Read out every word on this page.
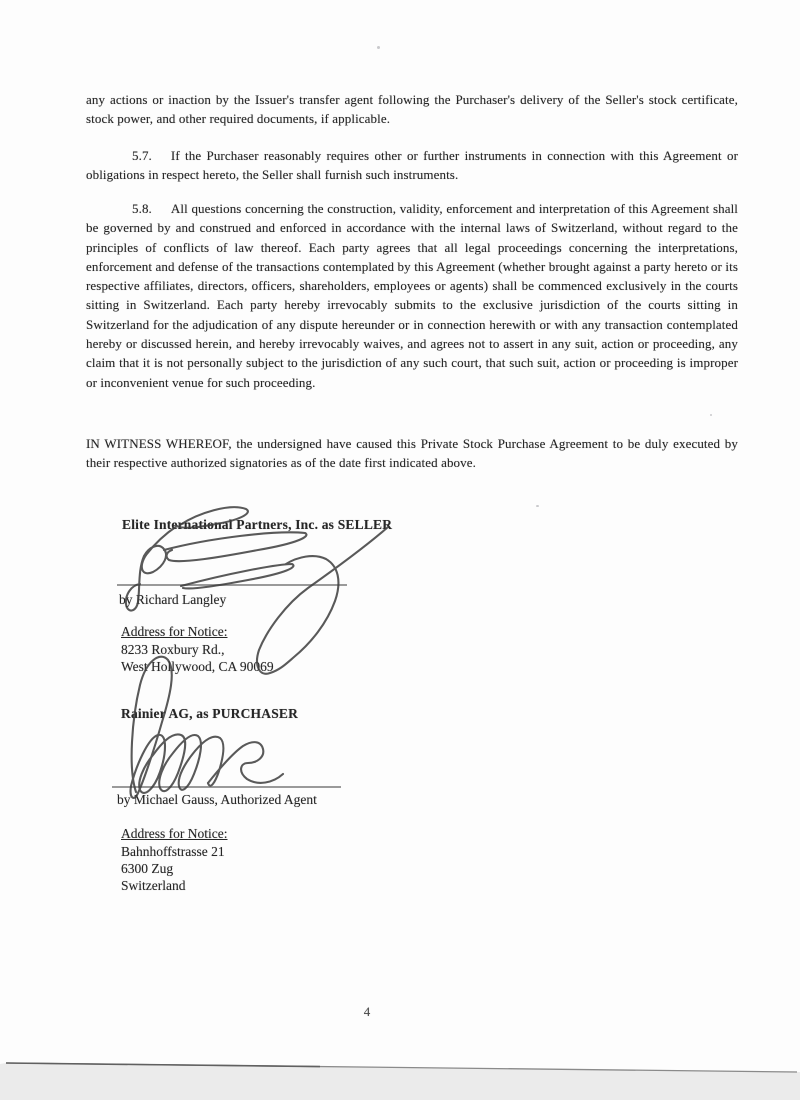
any actions or inaction by the Issuer's transfer agent following the Purchaser's delivery of the Seller's stock certificate, stock power, and other required documents, if applicable.

5.7. If the Purchaser reasonably requires other or further instruments in connection with this Agreement or obligations in respect hereto, the Seller shall furnish such instruments.

5.8. All questions concerning the construction, validity, enforcement and interpretation of this Agreement shall be governed by and construed and enforced in accordance with the internal laws of Switzerland, without regard to the principles of conflicts of law thereof. Each party agrees that all legal proceedings concerning the interpretations, enforcement and defense of the transactions contemplated by this Agreement (whether brought against a party hereto or its respective affiliates, directors, officers, shareholders, employees or agents) shall be commenced exclusively in the courts sitting in Switzerland. Each party hereby irrevocably submits to the exclusive jurisdiction of the courts sitting in Switzerland for the adjudication of any dispute hereunder or in connection herewith or with any transaction contemplated hereby or discussed herein, and hereby irrevocably waives, and agrees not to assert in any suit, action or proceeding, any claim that it is not personally subject to the jurisdiction of any such court, that such suit, action or proceeding is improper or inconvenient venue for such proceeding.

IN WITNESS WHEREOF, the undersigned have caused this Private Stock Purchase Agreement to be duly executed by their respective authorized signatories as of the date first indicated above.

Elite International Partners, Inc. as SELLER

by Richard Langley

Address for Notice:

8233 Roxbury Rd.,

West Hollywood, CA 90069

Rainier AG, as PURCHASER

by Michael Gauss, Authorized Agent

Address for Notice:

Bahnhoffstrasse 21

6300 Zug

Switzerland

4
